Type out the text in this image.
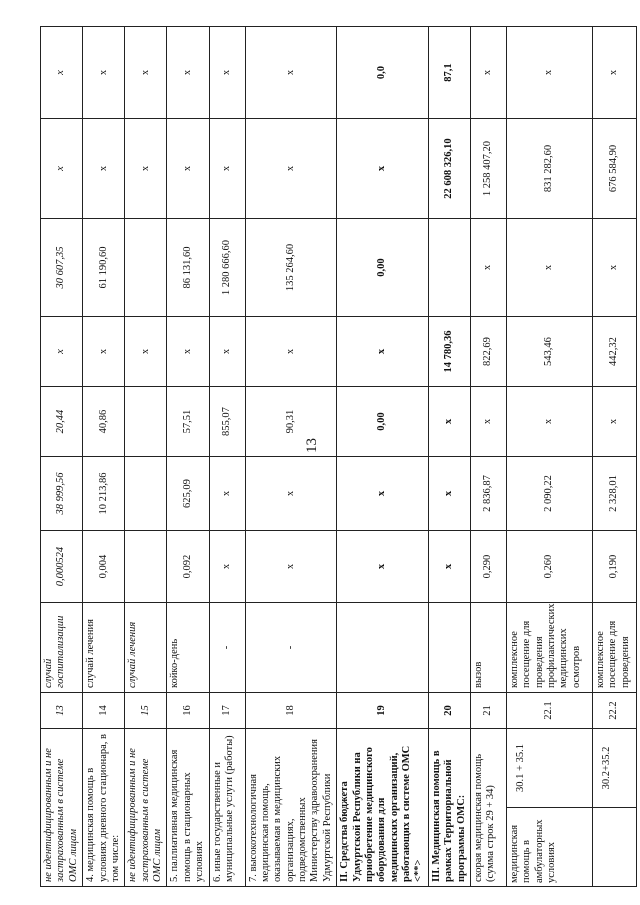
13
не идентифицированным и не застрахованным в системе ОМС лицам	13	случай госпитализации	0,000524	38 999,56	20,44	х	30 607,35	х	х
4. медицинская помощь в условиях дневного стационара, в том числе:	14	случай лечения	0,004	10 213,86	40,86	х	61 190,60	х	х
не идентифицированным и не застрахованным в системе ОМС лицам	15	случай лечения				х		х	х
5. паллиативная медицинская помощь в стационарных условиях	16	койко-день	0,092	625,09	57,51	х	86 131,60	х	х
6. иные государственные и муниципальные услуги (работы)	17	-	х	х	855,07	х	1 280 666,60	х	х
7. высокотехнологичная медицинская помощь, оказываемая в медицинских организациях, подведомственных Министерству здравоохранения Удмуртской Республики	18	-	х	х	90,31	х	135 264,60	х	х
II. Средства бюджета Удмуртской Республики на приобретение медицинского оборудования для медицинских организаций, работающих в системе ОМС <**>	19		х	х	0,00	х	0,00	х	0,0
III. Медицинская помощь в рамках Территориальной программы ОМС:	20		х	х	х	14 780,36		22 608 326,10	87,1
скорая медицинская помощь (сумма строк 29 + 34)	21	вызов	0,290	2 836,87	х	822,69	х	1 258 407,20	х

медицинская помощь в амбулаторных условиях
30.1 + 35.1	22.1	комплексное посещение для проведения профилактических медицинских осмотров	0,260	2 090,22	х	543,46	х	831 282,60	х

30.2+35.2	22.2	комплексное посещение для проведения	0,190	2 328,01	х	442,32	х	676 584,90	х
